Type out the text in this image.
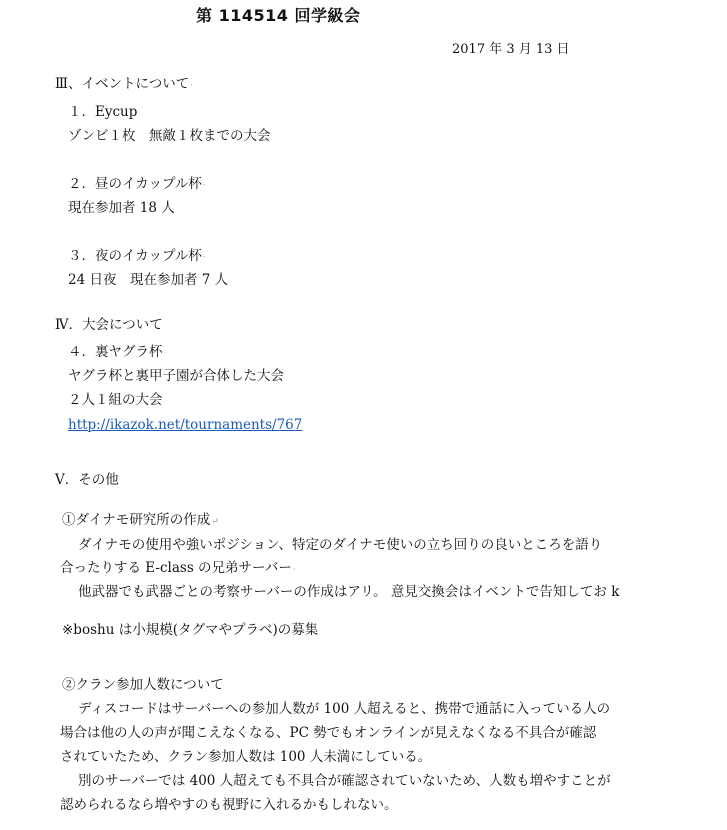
第 114514 回学級会
2017 年 3 月 13 日
Ⅲ、イベントについて·
１．Eycup
ゾンビ１枚　無敵１枚までの大会
２．昼のイカップル杯·
現在参加者 18 人
３．夜のイカップル杯·
24 日夜　現在参加者 7 人
Ⅳ．大会について
４．裏ヤグラ杯
ヤグラ杯と裏甲子園が合体した大会
２人１組の大会
http://ikazok.net/tournaments/767
Ⅴ．その他
①ダイナモ研究所の作成↵
ダイナモの使用や強いポジション、特定のダイナモ使いの立ち回りの良いところを語り
合ったりする E-class の兄弟サーバー·
他武器でも武器ごとの考察サーバーの作成はアリ。 意見交換会はイベントで告知してお k
※boshu は小規模(タグマやプラベ)の募集
②クラン参加人数について
ディスコードはサーバーへの参加人数が 100 人超えると、携帯で通話に入っている人の
場合は他の人の声が聞こえなくなる、PC 勢でもオンラインが見えなくなる不具合が確認
されていたため、クラン参加人数は 100 人未満にしている。
別のサーバーでは 400 人超えても不具合が確認されていないため、人数も増やすことが
認められるなら増やすのも視野に入れるかもしれない。
